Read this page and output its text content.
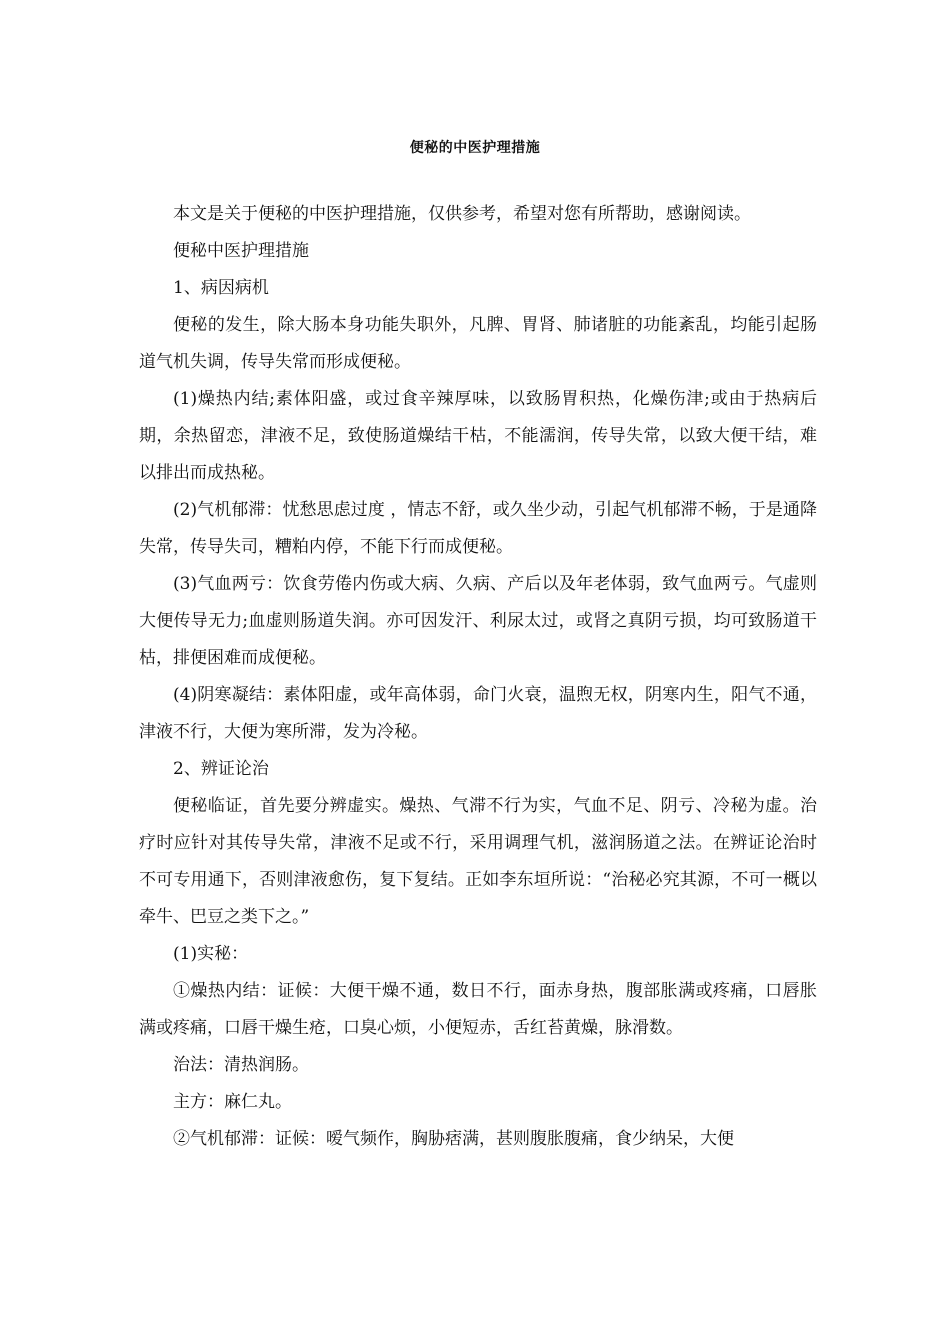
便秘的中医护理措施

本文是关于便秘的中医护理措施，仅供参考，希望对您有所帮助，感谢阅读。

便秘中医护理措施

1、病因病机

便秘的发生，除大肠本身功能失职外，凡脾、胃肾、肺诸脏的功能紊乱，均能引起肠道气机失调，传导失常而形成便秘。

(1)燥热内结;素体阳盛，或过食辛辣厚味，以致肠胃积热，化燥伤津;或由于热病后期，余热留恋，津液不足，致使肠道燥结干枯，不能濡润，传导失常，以致大便干结，难以排出而成热秘。

(2)气机郁滞：忧愁思虑过度 ，情志不舒，或久坐少动，引起气机郁滞不畅，于是通降失常，传导失司，糟粕内停，不能下行而成便秘。

(3)气血两亏：饮食劳倦内伤或大病、久病、产后以及年老体弱，致气血两亏。气虚则大便传导无力;血虚则肠道失润。亦可因发汗、利尿太过，或肾之真阴亏损，均可致肠道干枯，排便困难而成便秘。

(4)阴寒凝结：素体阳虚，或年高体弱，命门火衰，温煦无权，阴寒内生，阳气不通，津液不行，大便为寒所滞，发为冷秘。

2、辨证论治

便秘临证，首先要分辨虚实。燥热、气滞不行为实，气血不足、阴亏、冷秘为虚。治疗时应针对其传导失常，津液不足或不行，采用调理气机，滋润肠道之法。在辨证论治时不可专用通下，否则津液愈伤，复下复结。正如李东垣所说：“治秘必究其源，不可一概以牵牛、巴豆之类下之。”

(1)实秘：

①燥热内结：证候：大便干燥不通，数日不行，面赤身热，腹部胀满或疼痛，口唇胀满或疼痛，口唇干燥生疮，口臭心烦，小便短赤，舌红苔黄燥，脉滑数。

治法：清热润肠。

主方：麻仁丸。

②气机郁滞：证候：嗳气频作，胸胁痞满，甚则腹胀腹痛，食少纳呆，大便
